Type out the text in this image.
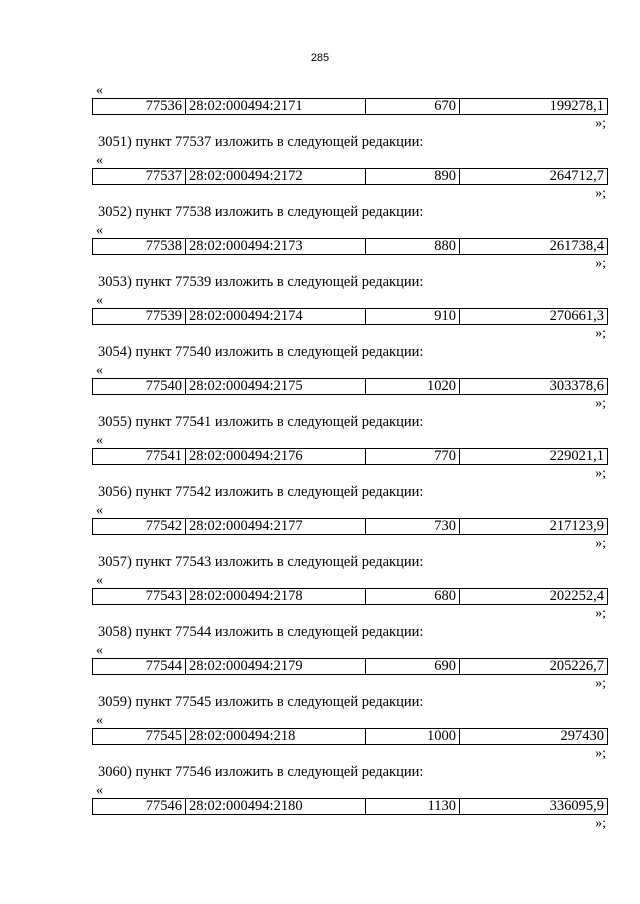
285
«
77536 28:02:000494:2171	670	199278,1
»;
3051) пункт 77537 изложить в следующей редакции:
«
77537 28:02:000494:2172	890	264712,7
»;
3052) пункт 77538 изложить в следующей редакции:
«
77538 28:02:000494:2173	880	261738,4
»;
3053) пункт 77539 изложить в следующей редакции:
«
77539 28:02:000494:2174	910	270661,3
»;
3054) пункт 77540 изложить в следующей редакции:
«
77540 28:02:000494:2175	1020	303378,6
»;
3055) пункт 77541 изложить в следующей редакции:
«
77541 28:02:000494:2176	770	229021,1
»;
3056) пункт 77542 изложить в следующей редакции:
«
77542 28:02:000494:2177	730	217123,9
»;
3057) пункт 77543 изложить в следующей редакции:
«
77543 28:02:000494:2178	680	202252,4
»;
3058) пункт 77544 изложить в следующей редакции:
«
77544 28:02:000494:2179	690	205226,7
»;
3059) пункт 77545 изложить в следующей редакции:
«
77545 28:02:000494:218	1000	297430
»;
3060) пункт 77546 изложить в следующей редакции:
«
77546 28:02:000494:2180	1130	336095,9
»;
